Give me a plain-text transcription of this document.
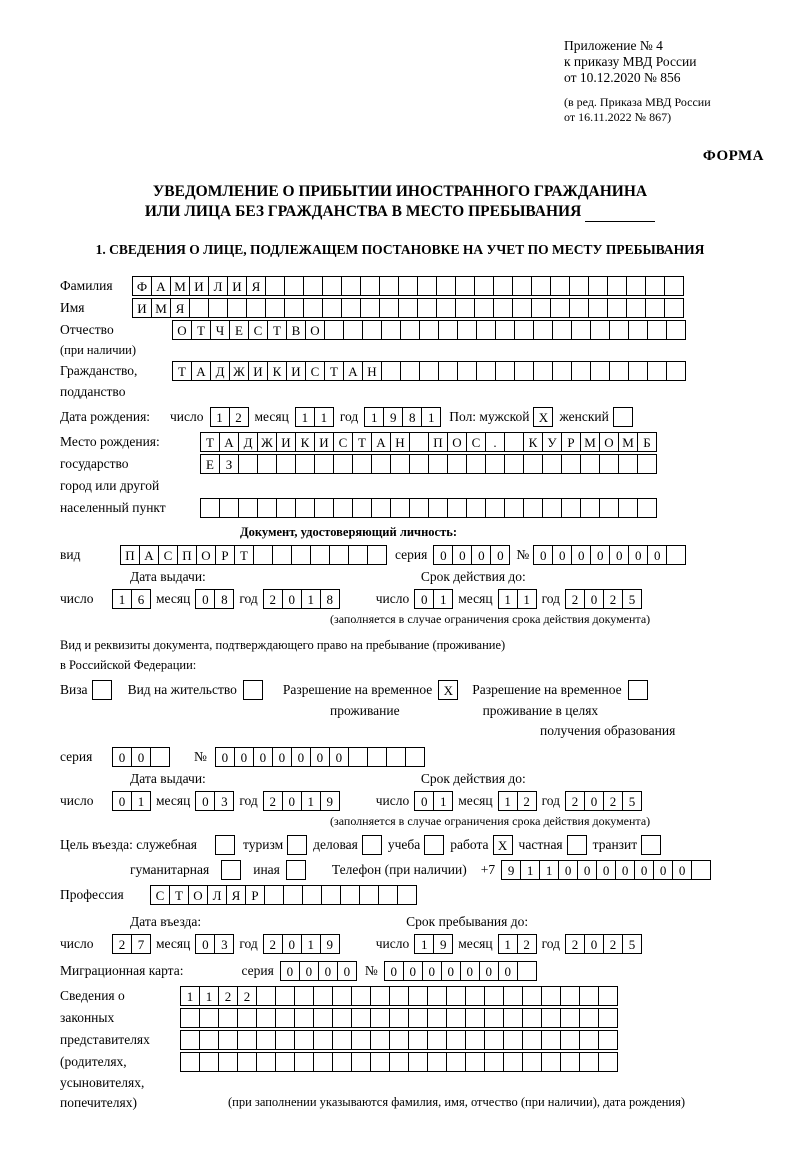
Приложение № 4
к приказу МВД России
от 10.12.2020 № 856
(в ред. Приказа МВД России
от 16.11.2022 № 867)
ФОРМА
УВЕДОМЛЕНИЕ О ПРИБЫТИИ ИНОСТРАННОГО ГРАЖДАНИНА
ИЛИ ЛИЦА БЕЗ ГРАЖДАНСТВА В МЕСТО ПРЕБЫВАНИЯ
1. СВЕДЕНИЯ О ЛИЦЕ, ПОДЛЕЖАЩЕМ ПОСТАНОВКЕ НА УЧЕТ ПО МЕСТУ ПРЕБЫВАНИЯ
Фамилия	Ф А М И Л И Я
Имя	И М Я
Отчество	О Т Ч Е С Т В О
(при наличии)
Гражданство,	Т А Д Ж И К И С Т А Н
подданство
Дата рождения:	число 1 2 месяц 1 1 год 1 9 8 1	Пол: мужской X женский
Место рождения:	Т А Д Ж И К И С Т А Н	П О С	.	К У Р М О М Б
государство	Е З
город или другой
населенный пункт
Документ, удостоверяющий личность:
вид	П А С П О Р Т	серия 0 0 0 0 № 0 0 0 0 0 0 0
Дата выдачи:	Срок действия до:
число	1 6 месяц 0 8 год 2 0 1 8	число 0 1 месяц 1 1 год 2 0 2 5
(заполняется в случае ограничения срока действия документа)
Вид и реквизиты документа, подтверждающего право на пребывание (проживание)
в Российской Федерации:
Виза	Вид на жительство	Разрешение на временное X	Разрешение на временное
проживание	проживание в целях
получения образования
серия	0 0	№	0 0 0 0 0 0 0
Дата выдачи:	Срок действия до:
число	0 1 месяц 0 3 год 2 0 1 9	число 0 1 месяц 1 2 год 2 0 2 5
(заполняется в случае ограничения срока действия документа)
Цель въезда: служебная	туризм деловая учеба работа X частная транзит
гуманитарная	иная	Телефон (при наличии) +7 9 1 1 0 0 0 0 0 0 0
Профессия	С Т О Л Я Р
Дата въезда:	Срок пребывания до:
число	2 7 месяц 0 3 год 2 0 1 9	число 1 9 месяц 1 2 год 2 0 2 5
Миграционная карта:	серия 0 0 0 0	№ 0 0 0 0 0 0 0
Сведения о	1 1 2 2
законных
представителях
(родителях,
усыновителях,
попечителях)	(при заполнении указываются фамилия, имя, отчество (при наличии), дата рождения)
